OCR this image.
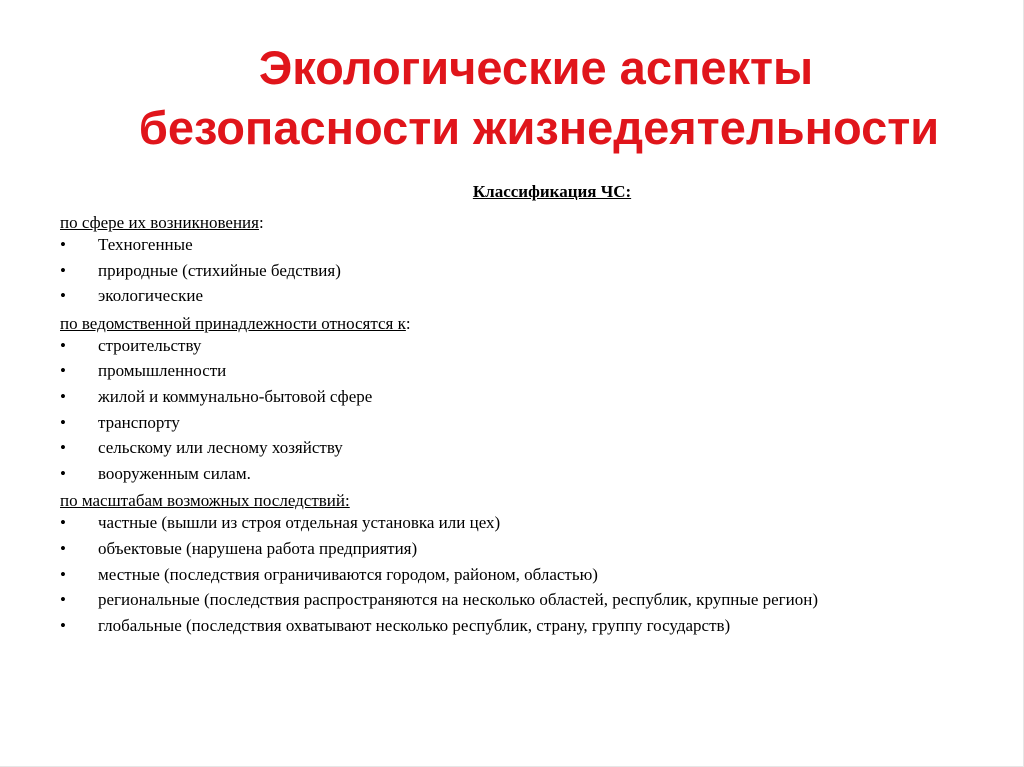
Экологические аспекты
безопасности жизнедеятельности

Классификация ЧС:

по сфере их возникновения:

•	Техногенные
•	природные (стихийные бедствия)
•	экологические

по ведомственной принадлежности относятся к:

•	строительству
•	промышленности
•	жилой и коммунально-бытовой сфере
•	транспорту
•	сельскому или лесному хозяйству
•	вооруженным силам.

по масштабам возможных последствий:

•	частные (вышли из строя отдельная установка или цех)
•	объектовые (нарушена работа предприятия)
•	местные (последствия ограничиваются городом, районом, областью)
•	региональные (последствия распространяются на несколько областей, республик, крупные регион)
•	глобальные (последствия охватывают несколько республик, страну, группу государств)
